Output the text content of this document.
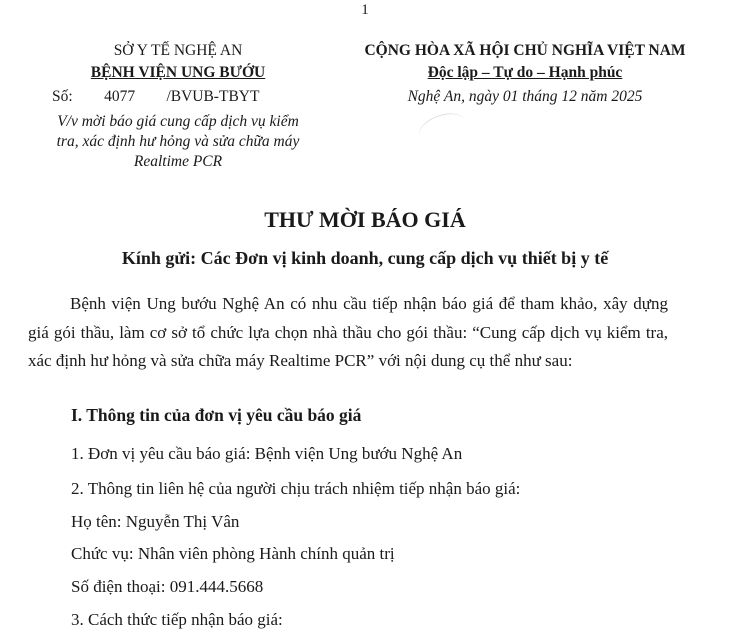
1
SỞ Y TẾ NGHỆ AN
BỆNH VIỆN UNG BƯỚU
Số: 4077 /BVUB-TBYT
V/v mời báo giá cung cấp dịch vụ kiểm
tra, xác định hư hỏng và sửa chữa máy
Realtime PCR
CỘNG HÒA XÃ HỘI CHỦ NGHĨA VIỆT NAM
Độc lập – Tự do – Hạnh phúc
Nghệ An, ngày 01 tháng 12 năm 2025
THƯ MỜI BÁO GIÁ
Kính gửi: Các Đơn vị kinh doanh, cung cấp dịch vụ thiết bị y tế
Bệnh viện Ung bướu Nghệ An có nhu cầu tiếp nhận báo giá để tham khảo, xây dựng giá gói thầu, làm cơ sở tổ chức lựa chọn nhà thầu cho gói thầu: “Cung cấp dịch vụ kiểm tra, xác định hư hỏng và sửa chữa máy Realtime PCR” với nội dung cụ thể như sau:
I. Thông tin của đơn vị yêu cầu báo giá
1. Đơn vị yêu cầu báo giá: Bệnh viện Ung bướu Nghệ An
2. Thông tin liên hệ của người chịu trách nhiệm tiếp nhận báo giá:
Họ tên: Nguyễn Thị Vân
Chức vụ: Nhân viên phòng Hành chính quản trị
Số điện thoại: 091.444.5668
3. Cách thức tiếp nhận báo giá:
